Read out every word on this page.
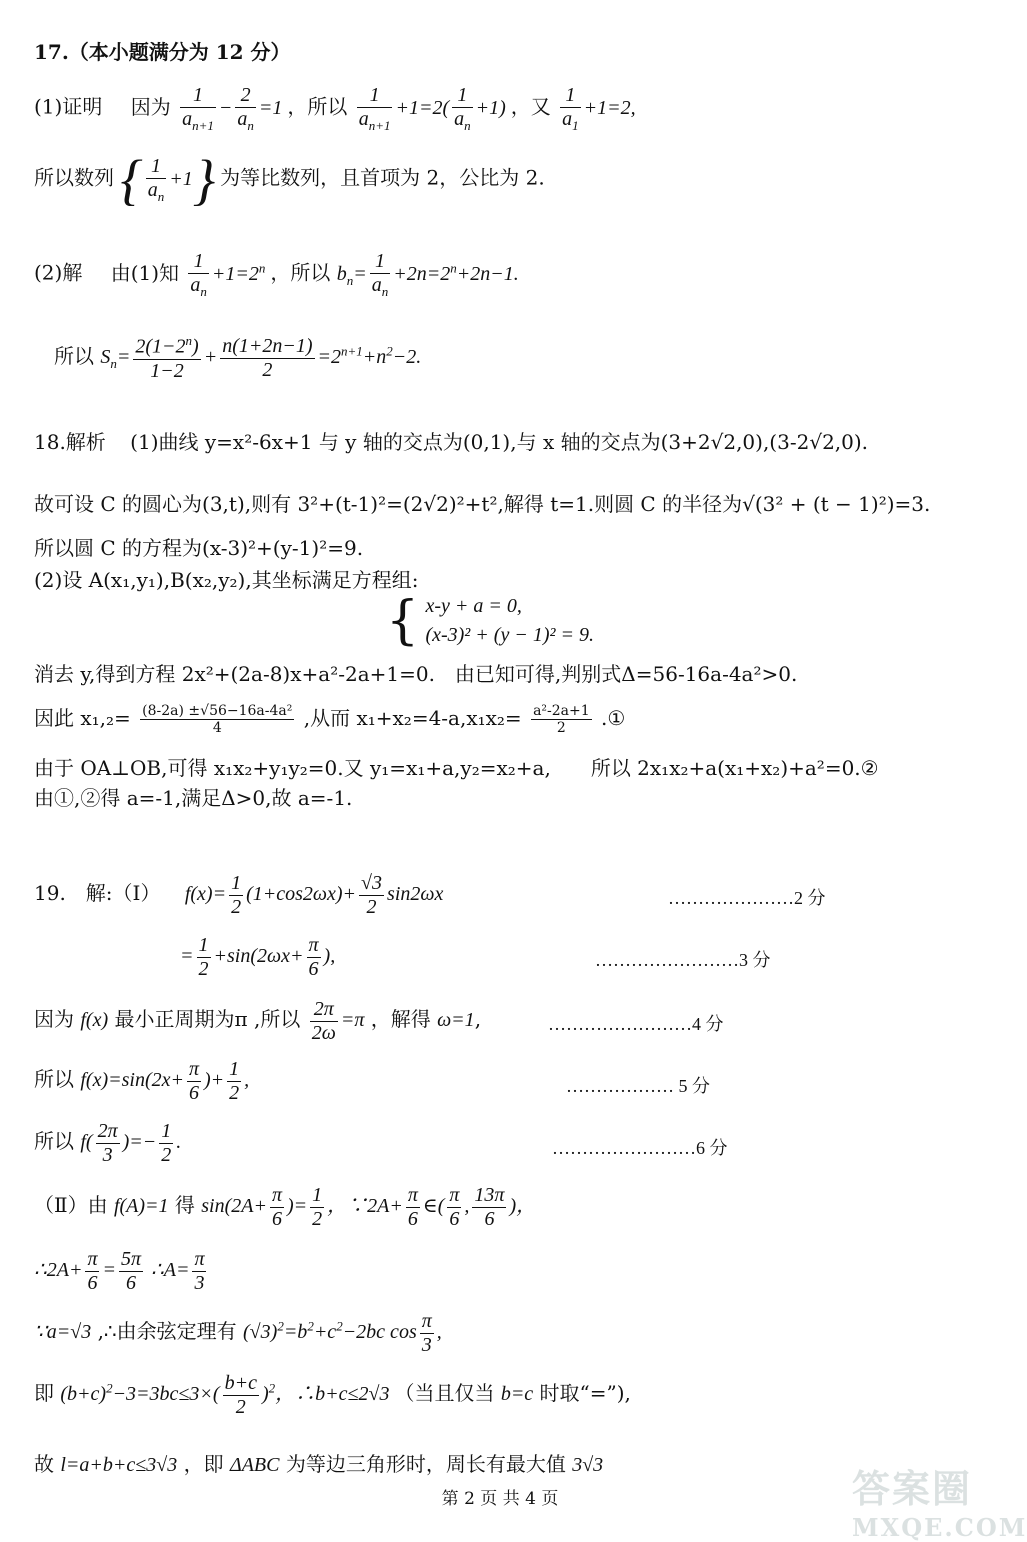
17.（本小题满分为 12 分）
(1)证明 因为 $\frac{1}{a_{n+1}} - \frac{2}{a_n} =1$ ，所以 $\frac{1}{a_{n+1}} +1=2( \frac{1}{a_n} +1)$ ，又 $\frac{1}{a_1} +1=2$,
所以数列 { $\frac{1}{a_n} +1$} 为等比数列，且首项为 2，公比为 2.
(2)解 由(1)知 $\frac{1}{a_n} +1=2^n$ ，所以 $b_n= \frac{1}{a_n} +2n=2^n+2n-1$.
所以 $S_n= \frac{2(1-2^n)}{1-2} + \frac{n(1+2n-1)}{2} =2^{n+1}+n^2-2$.
18.解析 (1)曲线 y=x²-6x+1 与 y 轴的交点为(0,1),与 x 轴的交点为(3+2√2,0),(3-2√2,0).
故可设 C 的圆心为(3,t),则有 3²+(t-1)²=(2√2)²+t²,解得 t=1.则圆 C 的半径为√(3² + (t − 1)²)=3.
所以圆 C 的方程为(x-3)²+(y-1)²=9.
(2)设 A(x₁,y₁),B(x₂,y₂),其坐标满足方程组:
{ x-y + a = 0,
(x-3)² + (y − 1)² = 9.
消去 y,得到方程 2x²+(2a-8)x+a²-2a+1=0.　由已知可得,判别式Δ=56-16a-4a²>0.
因此 $x_1,_2= \frac{\text{(8-2a) ±√56−16a-4a²}}{4}$ ,从而 $x_1+x_2=4-a,x_1x_2= \frac{\text{a²-2a+1}}{2}$ .①
由于 OA⊥OB,可得 x₁x₂+y₁y₂=0.又 y₁=x₁+a,y₂=x₂+a,　　所以 2x₁x₂+a(x₁+x₂)+a²=0.②
由①,②得 a=-1,满足Δ>0,故 a=-1.
19.　解:（Ⅰ） $f(x)= \frac{1}{2} (1+\cos 2\omega x)+ \frac{√3}{2} \sin 2\omega x$	…………………2 分
= $\frac{1}{2} +\sin(2\omega x+ \frac{\pi}{6}$ ),	……………………3 分
因为 f(x) 最小正周期为π ,所以 $\frac{2\pi}{2\omega} =\pi$ ，解得 ω=1,	……………………4 分
所以 $f(x)=\sin(2x+ \frac{\pi}{6}$ )+ $\frac{1}{2}$ ,	……………… 5 分
所以 $f( \frac{2\pi}{3}$ )=− $\frac{1}{2}$ .	……………………6 分
（Ⅱ）由 f(A)=1 得 $\sin(2A+ \frac{\pi}{6}$ )= $\frac{1}{2}$ ，∵2A+ $\frac{\pi}{6}$ ∈( $\frac{\pi}{6}$ , $\frac{13\pi}{6}$ )，
∴2A+ $\frac{\pi}{6} = \frac{5\pi}{6}$ ∴A= $\frac{\pi}{3}$
∵a=√3 ,∴由余弦定理有 $(√3)^2=b^2+c^2-2bc$ $\cos \frac{\pi}{3}$ ,
即 $(b+c)^2-3=3bc\le 3\times( \frac{b+c}{2} )^2$，∴b+c≤2√3 （当且仅当 b=c 时取“=”),
故 l=a+b+c≤3√3 ，即 ΔABC 为等边三角形时，周长有最大值 3√3
第 2 页 共 4 页	答案圈
MXQE.COM
